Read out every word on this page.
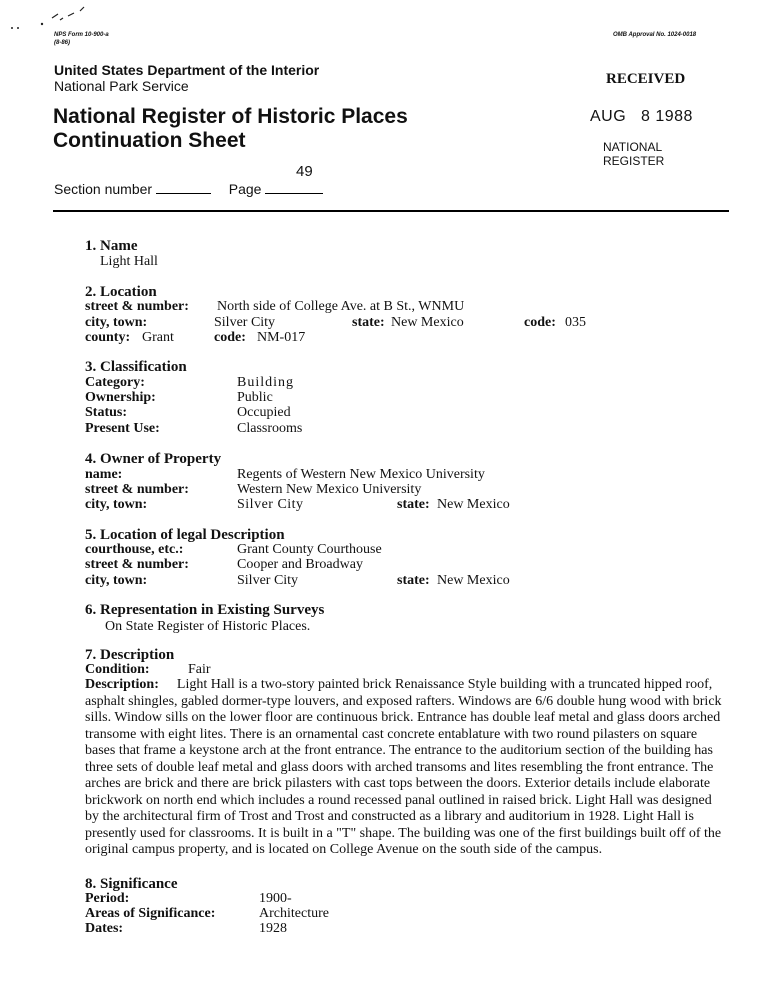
NPS Form 10-900-a
(8-86)
OMB Approval No. 1024-0018
United States Department of the Interior
National Park Service
National Register of Historic Places
Continuation Sheet
49
Section number	Page
RECEIVED
AUG   8 1988
NATIONAL
REGISTER
1. Name
Light Hall
2. Location
street & number: North side of College Ave. at B St., WNMU
city, town:	Silver City	state: New Mexico	code: 035
county: Grant	code: NM-017
3. Classification
Category:	Building
Ownership:	Public
Status:	Occupied
Present Use:	Classrooms
4. Owner of Property
name:	Regents of Western New Mexico University
street & number:	Western New Mexico University
city, town:	Silver City	state: New Mexico
5. Location of legal Description
courthouse, etc.:	Grant County Courthouse
street & number:	Cooper and Broadway
city, town:	Silver City	state: New Mexico
6. Representation in Existing Surveys
On State Register of Historic Places.
7. Description
Condition:	Fair
Description: Light Hall is a two-story painted brick Renaissance Style building with a truncated hipped roof, asphalt shingles, gabled dormer-type louvers, and exposed rafters. Windows are 6/6 double hung wood with brick sills. Window sills on the lower floor are continuous brick. Entrance has double leaf metal and glass doors arched transome with eight lites. There is an ornamental cast concrete entablature with two round pilasters on square bases that frame a keystone arch at the front entrance. The entrance to the auditorium section of the building has three sets of double leaf metal and glass doors with arched transoms and lites resembling the front entrance. The arches are brick and there are brick pilasters with cast tops between the doors. Exterior details include elaborate brickwork on north end which includes a round recessed panal outlined in raised brick. Light Hall was designed by the architectural firm of Trost and Trost and constructed as a library and auditorium in 1928. Light Hall is presently used for classrooms. It is built in a "T" shape. The building was one of the first buildings built off of the original campus property, and is located on College Avenue on the south side of the campus.
8. Significance
Period:	1900-
Areas of Significance:	Architecture
Dates:	1928
